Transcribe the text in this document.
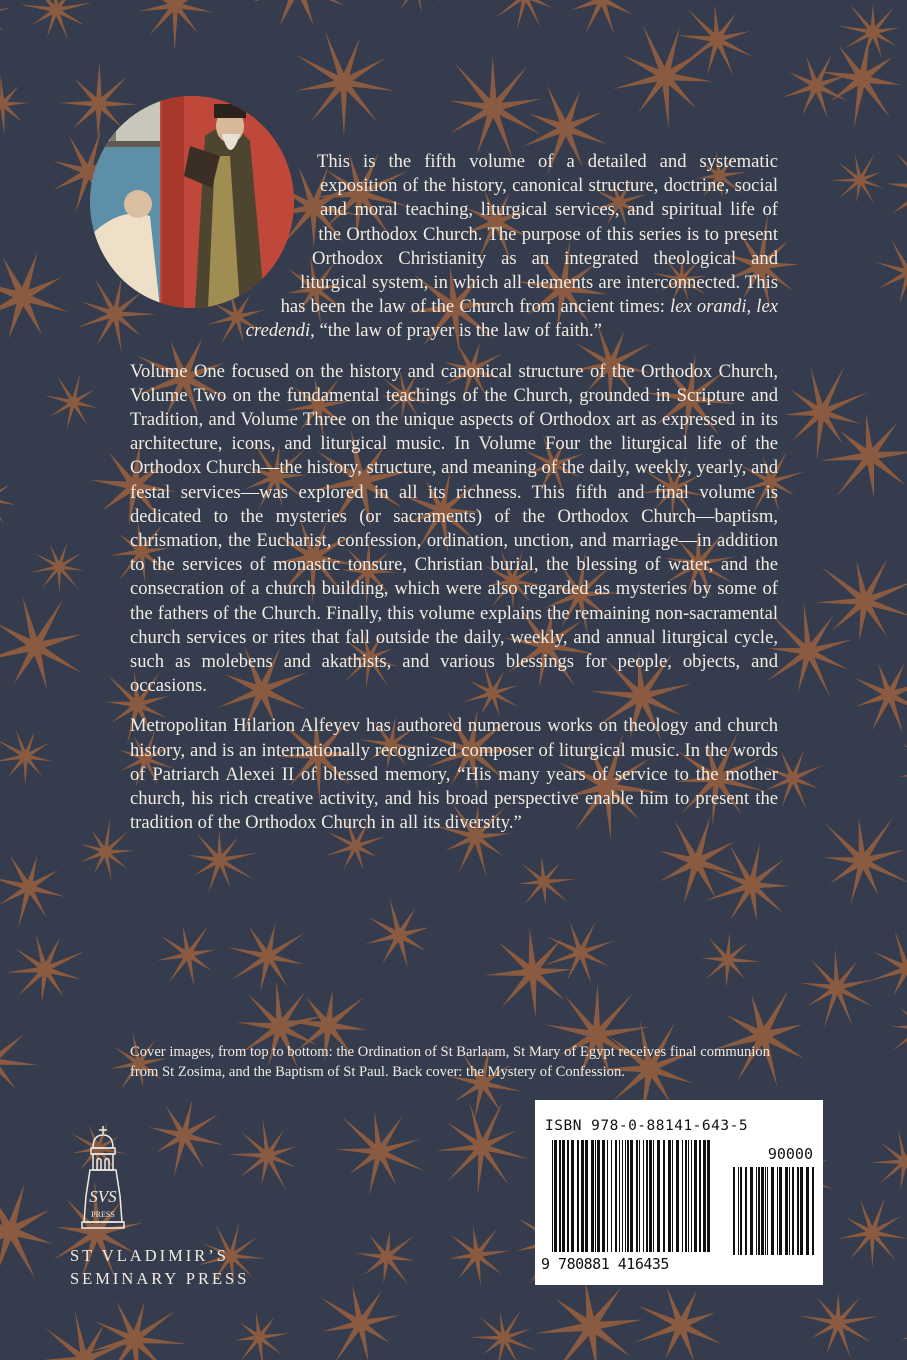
This is the fifth volume of a detailed and systematic exposition of the history, canonical structure, doctrine, social and moral teaching, liturgical services, and spiritual life of the Orthodox Church. The purpose of this series is to present Orthodox Christianity as an integrated theological and liturgical system, in which all elements are interconnected. This has been the law of the Church from ancient times: lex orandi, lex credendi, “the law of prayer is the law of faith.”

Volume One focused on the history and canonical structure of the Orthodox Church, Volume Two on the fundamental teachings of the Church, grounded in Scripture and Tradition, and Volume Three on the unique aspects of Orthodox art as expressed in its architecture, icons, and liturgical music. In Volume Four the liturgical life of the Orthodox Church—the history, structure, and meaning of the daily, weekly, yearly, and festal services—was explored in all its richness. This fifth and final volume is dedicated to the mysteries (or sacraments) of the Orthodox Church—baptism, chrismation, the Eucharist, confession, ordination, unction, and marriage—in addition to the services of monastic tonsure, Christian burial, the blessing of water, and the consecration of a church building, which were also regarded as mysteries by some of the fathers of the Church. Finally, this volume explains the remaining non-sacramental church services or rites that fall outside the daily, weekly, and annual liturgical cycle, such as molebens and akathists, and various blessings for people, objects, and occasions.

Metropolitan Hilarion Alfeyev has authored numerous works on theology and church history, and is an internationally recognized composer of liturgical music. In the words of Patriarch Alexei II of blessed memory, “His many years of service to the mother church, his rich creative activity, and his broad perspective enable him to present the tradition of the Orthodox Church in all its diversity.”

Cover images, from top to bottom: the Ordination of St Barlaam, St Mary of Egypt receives final communion from St Zosima, and the Baptism of St Paul. Back cover: the Mystery of Confession.
ISBN 978-0-88141-643-5
90000
9 780881 416435
SVS
PRESS
ST VLADIMIR’S
SEMINARY PRESS
